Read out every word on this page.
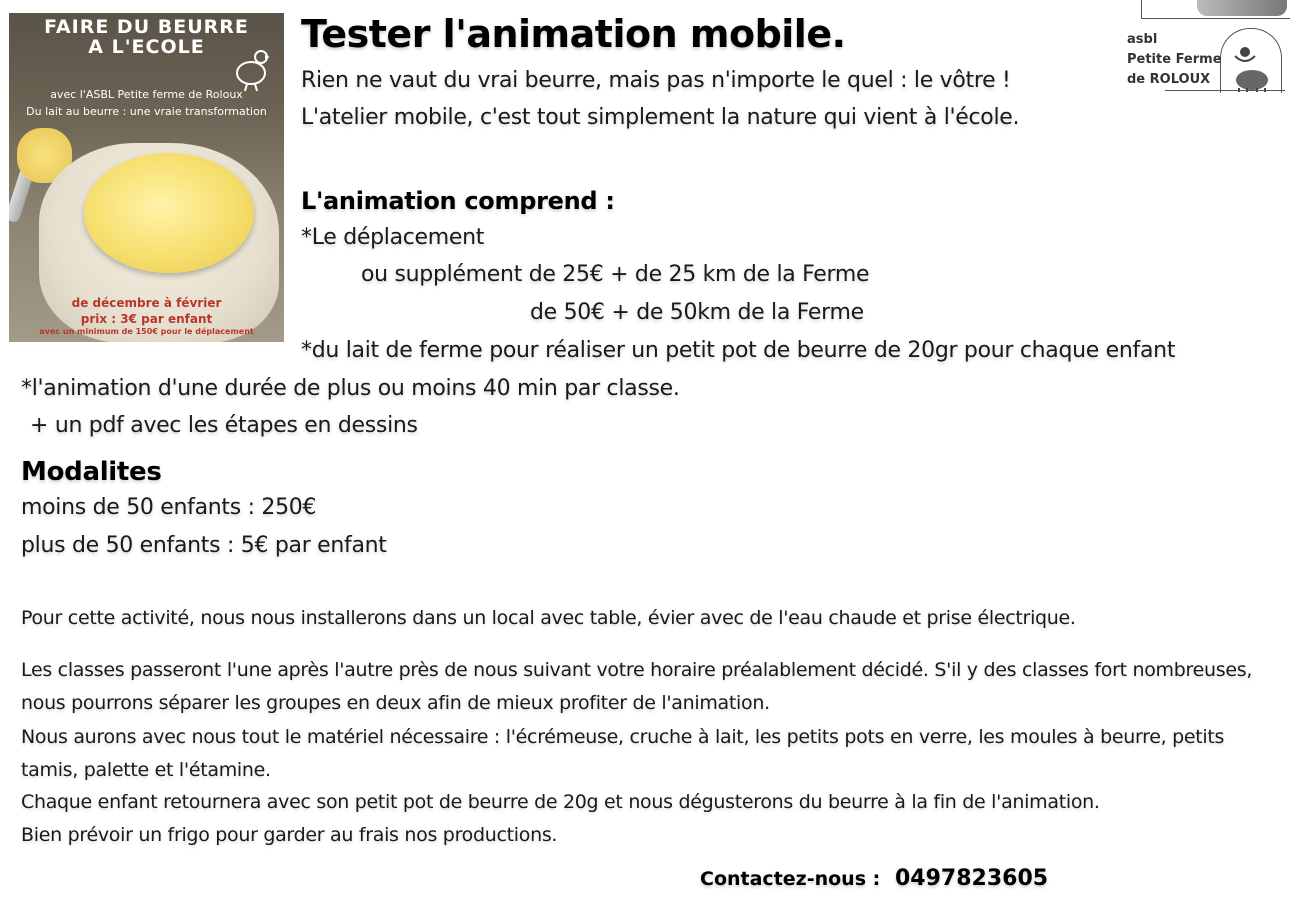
FAIRE DU BEURRE
A L'ECOLE
avec l'ASBL Petite ferme de Roloux
Du lait au beurre : une vraie transformation
de décembre à février
prix : 3€ par enfant
avec un minimum de 150€ pour le déplacement
asbl
Petite Ferme
de ROLOUX
Tester l'animation mobile.
Rien ne vaut du vrai beurre, mais pas n'importe le quel : le vôtre !
L'atelier mobile, c'est tout simplement la nature qui vient à l'école.
L'animation comprend :
*Le déplacement
ou supplément de 25€ + de 25 km de la Ferme
de 50€ + de 50km de la Ferme
*du lait de ferme pour réaliser un petit pot de beurre de 20gr pour chaque enfant
*l'animation d'une durée de plus ou moins 40 min par classe.
+ un pdf avec les étapes en dessins
Modalites
moins de 50 enfants : 250€
plus de 50 enfants : 5€ par enfant
Pour cette activité, nous nous installerons dans un local avec table, évier avec de l'eau chaude et prise électrique.
Les classes passeront l'une après l'autre près de nous suivant votre horaire préalablement décidé. S'il y des classes fort nombreuses,
nous pourrons séparer les groupes en deux afin de mieux profiter de l'animation.
Nous aurons avec nous tout le matériel nécessaire : l'écrémeuse, cruche à lait, les petits pots en verre, les moules à beurre, petits
tamis, palette et l'étamine.
Chaque enfant retournera avec son petit pot de beurre de 20g et nous dégusterons du beurre à la fin de l'animation.
Bien prévoir un frigo pour garder au frais nos productions.
Contactez-nous : 0497823605
